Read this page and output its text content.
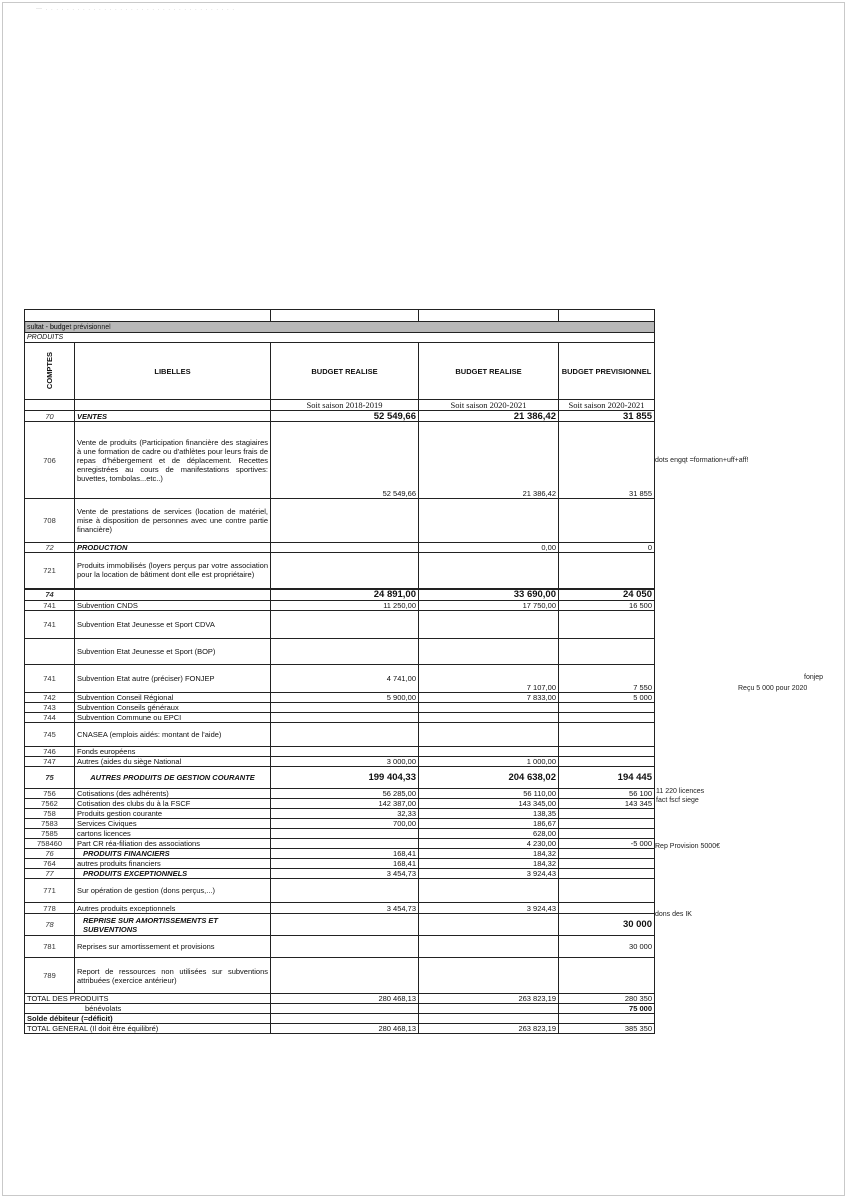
— . . . . . . . . . . . . . . . . . . . . . . . . . . . . . . . . . . . .

sultat - budget prévisionnel				
PRODUITS				

COMPTES	LIBELLES	BUDGET REALISE	BUDGET REALISE	BUDGET PREVISIONNEL
		Soit saison 2018-2019	Soit saison 2020-2021	Soit saison 2020-2021
70	VENTES	52 549,66	21 386,42	31 855
706	Vente de produits (Participation financière des stagiaires à une formation de cadre ou d'athlètes pour leurs frais de repas d'hébergement et de déplacement. Recettes enregistrées au cours de manifestations sportives: buvettes, tombolas...etc..)	52 549,66	21 386,42	31 855
708	Vente de prestations de services (location de matériel, mise à disposition de personnes avec une contre partie financière)			
72	PRODUCTION		0,00	0
721	Produits immobilisés (loyers perçus par votre association pour la location de bâtiment dont elle est propriétaire)			
74		24 891,00	33 690,00	24 050
741	Subvention CNDS	11 250,00	17 750,00	16 500
741	Subvention Etat Jeunesse et Sport CDVA			
	Subvention Etat Jeunesse et Sport (BOP)			
741	Subvention Etat autre (préciser) FONJEP	4 741,00	7 107,00	7 550
742	Subvention Conseil Régional	5 900,00	7 833,00	5 000
743	Subvention Conseils généraux			
744	Subvention Commune ou EPCI			
745	CNASEA (emplois aidés: montant de l'aide)			
746	Fonds européens			
747	Autres (aides du siège National	3 000,00	1 000,00	
75	AUTRES PRODUITS DE GESTION COURANTE	199 404,33	204 638,02	194 445
756	Cotisations (des adhérents)	56 285,00	56 110,00	56 100
7562	Cotisation des clubs du à la FSCF	142 387,00	143 345,00	143 345
758	Produits gestion courante	32,33	138,35	
7583	Services Civiques	700,00	186,67	
7585	cartons licences		628,00	
758460	Part CR réa-filiation des associations		4 230,00	-5 000
76	PRODUITS FINANCIERS	168,41	184,32	
764	autres produits financiers	168,41	184,32	
77	PRODUITS EXCEPTIONNELS	3 454,73	3 924,43	
771	Sur opération de gestion (dons perçus,...)			
778	Autres produits exceptionnels	3 454,73	3 924,43	
78	REPRISE SUR AMORTISSEMENTS ET SUBVENTIONS			30 000
781	Reprises sur amortissement et provisions			30 000
789	Report de ressources non utilisées sur subventions attribuées (exercice antérieur)			
TOTAL DES PRODUITS		280 468,13	263 823,19	280 350
bénévolats				75 000
Solde débiteur (=déficit)				
TOTAL GENERAL (Il doit être équilibré)		280 468,13	263 823,19	385 350
dots engqt =formation+uff+aff!
fonjep
Reçu 5 000 pour 2020
11 220 licences
fact fscf siege
Rep Provision 5000€
dons des IK
